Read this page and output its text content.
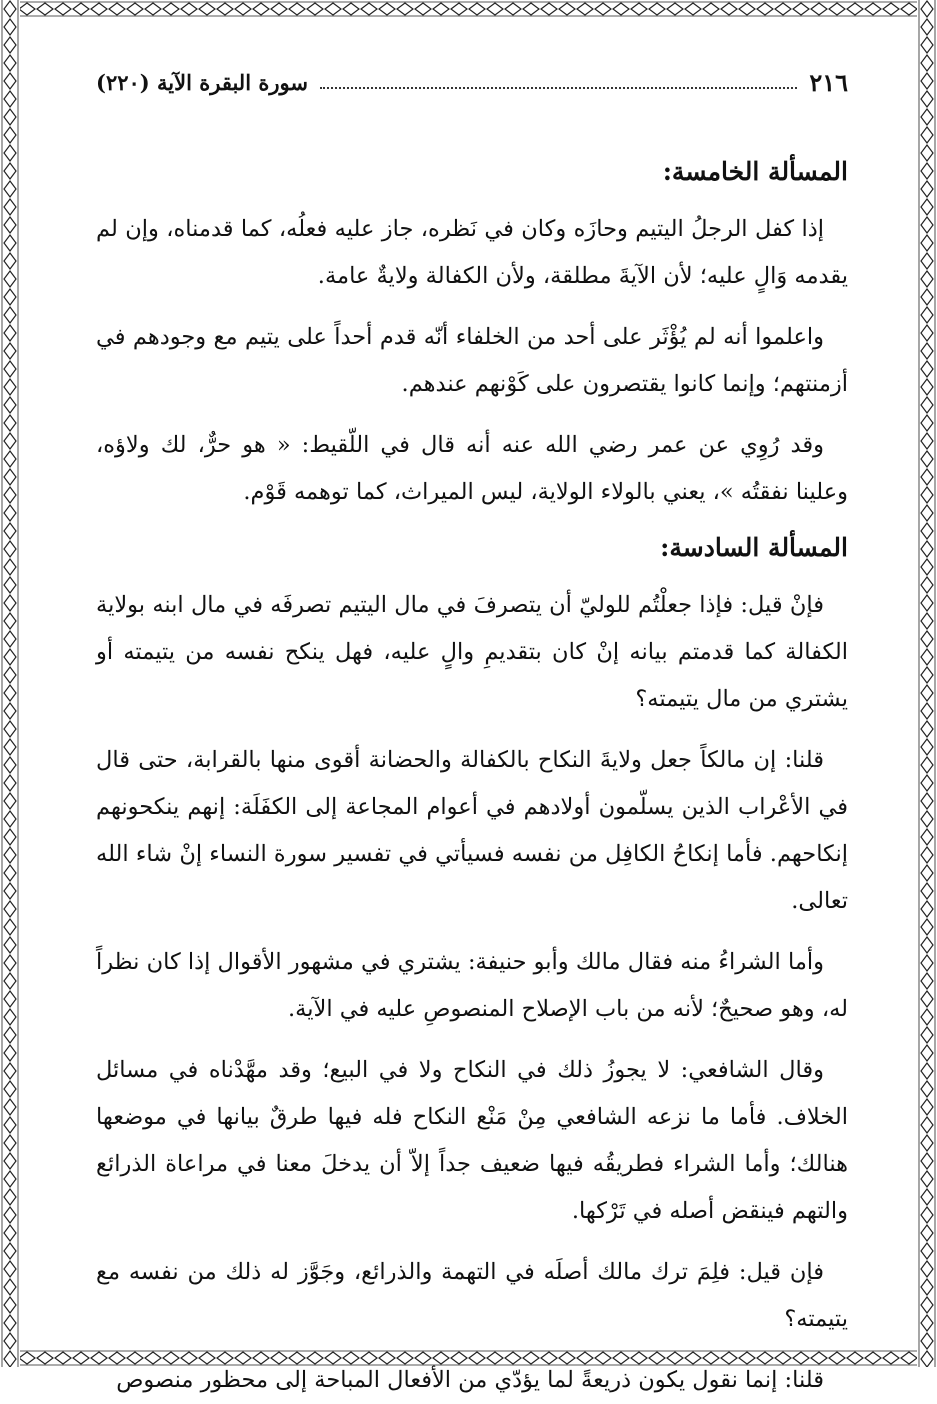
٢١٦
سورة البقرة الآية (٢٢٠)
المسألة الخامسة:

إذا كفل الرجلُ اليتيم وحازَه وكان في نَظره، جاز عليه فعلُه، كما قدمناه، وإن لم يقدمه وَالٍ عليه؛ لأن الآيةَ مطلقة، ولأن الكفالة ولايةٌ عامة.

واعلموا أنه لم يُؤْثَر على أحد من الخلفاء أنّه قدم أحداً على يتيم مع وجودهم في أزمنتهم؛ وإنما كانوا يقتصرون على كَوْنهم عندهم.

وقد رُوِي عن عمر رضي الله عنه أنه قال في اللّقيط: « هو حرٌّ، لك ولاؤه، وعلينا نفقتُه »، يعني بالولاء الولاية، ليس الميراث، كما توهمه قَوْم.

المسألة السادسة:

فإنْ قيل: فإذا جعلْتُم للوليّ أن يتصرفَ في مال اليتيم تصرفَه في مال ابنه بولاية الكفالة كما قدمتم بيانه إنْ كان بتقديمِ والٍ عليه، فهل ينكح نفسه من يتيمته أو يشتري من مال يتيمته؟

قلنا: إن مالكاً جعل ولايةَ النكاح بالكفالة والحضانة أقوى منها بالقرابة، حتى قال في الأعْراب الذين يسلّمون أولادهم في أعوام المجاعة إلى الكفَلَة: إنهم ينكحونهم إنكاحهم. فأما إنكاحُ الكافِل من نفسه فسيأتي في تفسير سورة النساء إنْ شاء الله تعالى.

وأما الشراءُ منه فقال مالك وأبو حنيفة: يشتري في مشهور الأقوال إذا كان نظراً له، وهو صحيحٌ؛ لأنه من باب الإصلاح المنصوصِ عليه في الآية.

وقال الشافعي: لا يجوزُ ذلك في النكاح ولا في البيع؛ وقد مهَّدْناه في مسائل الخلاف. فأما ما نزعه الشافعي مِنْ مَنْع النكاح فله فيها طرقٌ بيانها في موضعها هنالك؛ وأما الشراء فطريقُه فيها ضعيف جداً إلاّ أن يدخلَ معنا في مراعاة الذرائع والتهم فينقض أصله في تَرْكها.

فإن قيل: فلِمَ ترك مالك أصلَه في التهمة والذرائع، وجَوَّز له ذلك من نفسه مع يتيمته؟

قلنا: إنما نقول يكون ذريعةً لما يؤدّي من الأفعال المباحة إلى محظور منصوص
